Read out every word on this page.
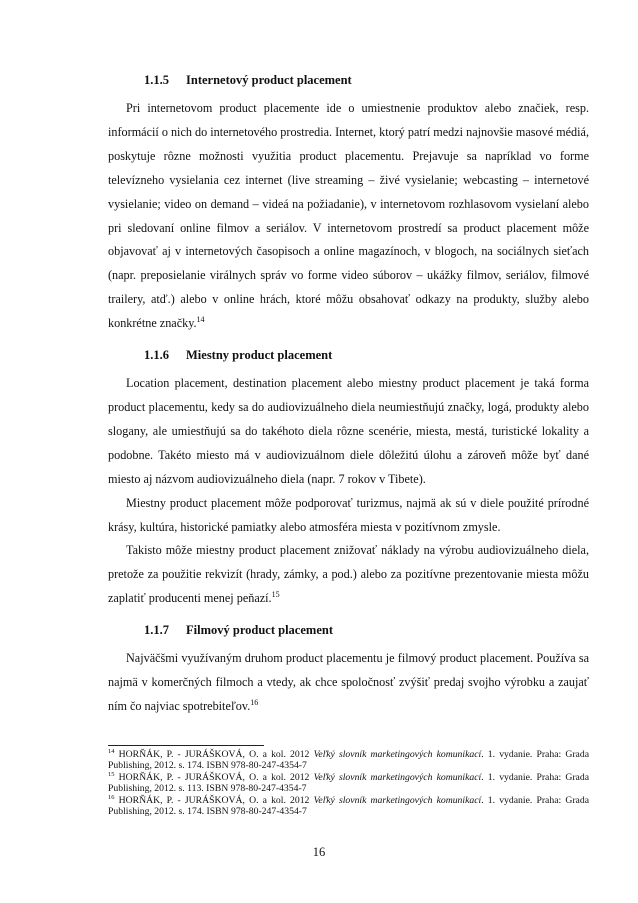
1.1.5 Internetový product placement

Pri internetovom product placemente ide o umiestnenie produktov alebo značiek, resp. informácií o nich do internetového prostredia. Internet, ktorý patrí medzi najnovšie masové médiá, poskytuje rôzne možnosti využitia product placementu. Prejavuje sa napríklad vo forme televízneho vysielania cez internet (live streaming – živé vysielanie; webcasting – internetové vysielanie; video on demand – videá na požiadanie), v internetovom rozhlasovom vysielaní alebo pri sledovaní online filmov a seriálov. V internetovom prostredí sa product placement môže objavovať aj v internetových časopisoch a online magazínoch, v blogoch, na sociálnych sieťach (napr. preposielanie virálnych správ vo forme video súborov – ukážky filmov, seriálov, filmové trailery, atď.) alebo v online hrách, ktoré môžu obsahovať odkazy na produkty, služby alebo konkrétne značky.$^{14}$

1.1.6 Miestny product placement

Location placement, destination placement alebo miestny product placement je taká forma product placementu, kedy sa do audiovizuálneho diela neumiestňujú značky, logá, produkty alebo slogany, ale umiestňujú sa do takéhoto diela rôzne scenérie, miesta, mestá, turistické lokality a podobne. Takéto miesto má v audiovizuálnom diele dôležitú úlohu a zároveň môže byť dané miesto aj názvom audiovizuálneho diela (napr. 7 rokov v Tibete).

Miestny product placement môže podporovať turizmus, najmä ak sú v diele použité prírodné krásy, kultúra, historické pamiatky alebo atmosféra miesta v pozitívnom zmysle.

Takisto môže miestny product placement znižovať náklady na výrobu audiovizuálneho diela, pretože za použitie rekvizít (hrady, zámky, a pod.) alebo za pozitívne prezentovanie miesta môžu zaplatiť producenti menej peňazí.$^{15}$

1.1.7 Filmový product placement

Najväčšmi využívaným druhom product placementu je filmový product placement. Používa sa najmä v komerčných filmoch a vtedy, ak chce spoločnosť zvýšiť predaj svojho výrobku a zaujať ním čo najviac spotrebiteľov.$^{16}$

$^{14}$ HORŇÁK, P. - JURÁŠKOVÁ, O. a kol. 2012 Veľký slovník marketingových komunikací. 1. vydanie. Praha: Grada Publishing, 2012. s. 174. ISBN 978-80-247-4354-7

$^{15}$ HORŇÁK, P. - JURÁŠKOVÁ, O. a kol. 2012 Veľký slovník marketingových komunikací. 1. vydanie. Praha: Grada Publishing, 2012. s. 113. ISBN 978-80-247-4354-7

$^{16}$ HORŇÁK, P. - JURÁŠKOVÁ, O. a kol. 2012 Veľký slovník marketingových komunikací. 1. vydanie. Praha: Grada Publishing, 2012. s. 174. ISBN 978-80-247-4354-7

16
